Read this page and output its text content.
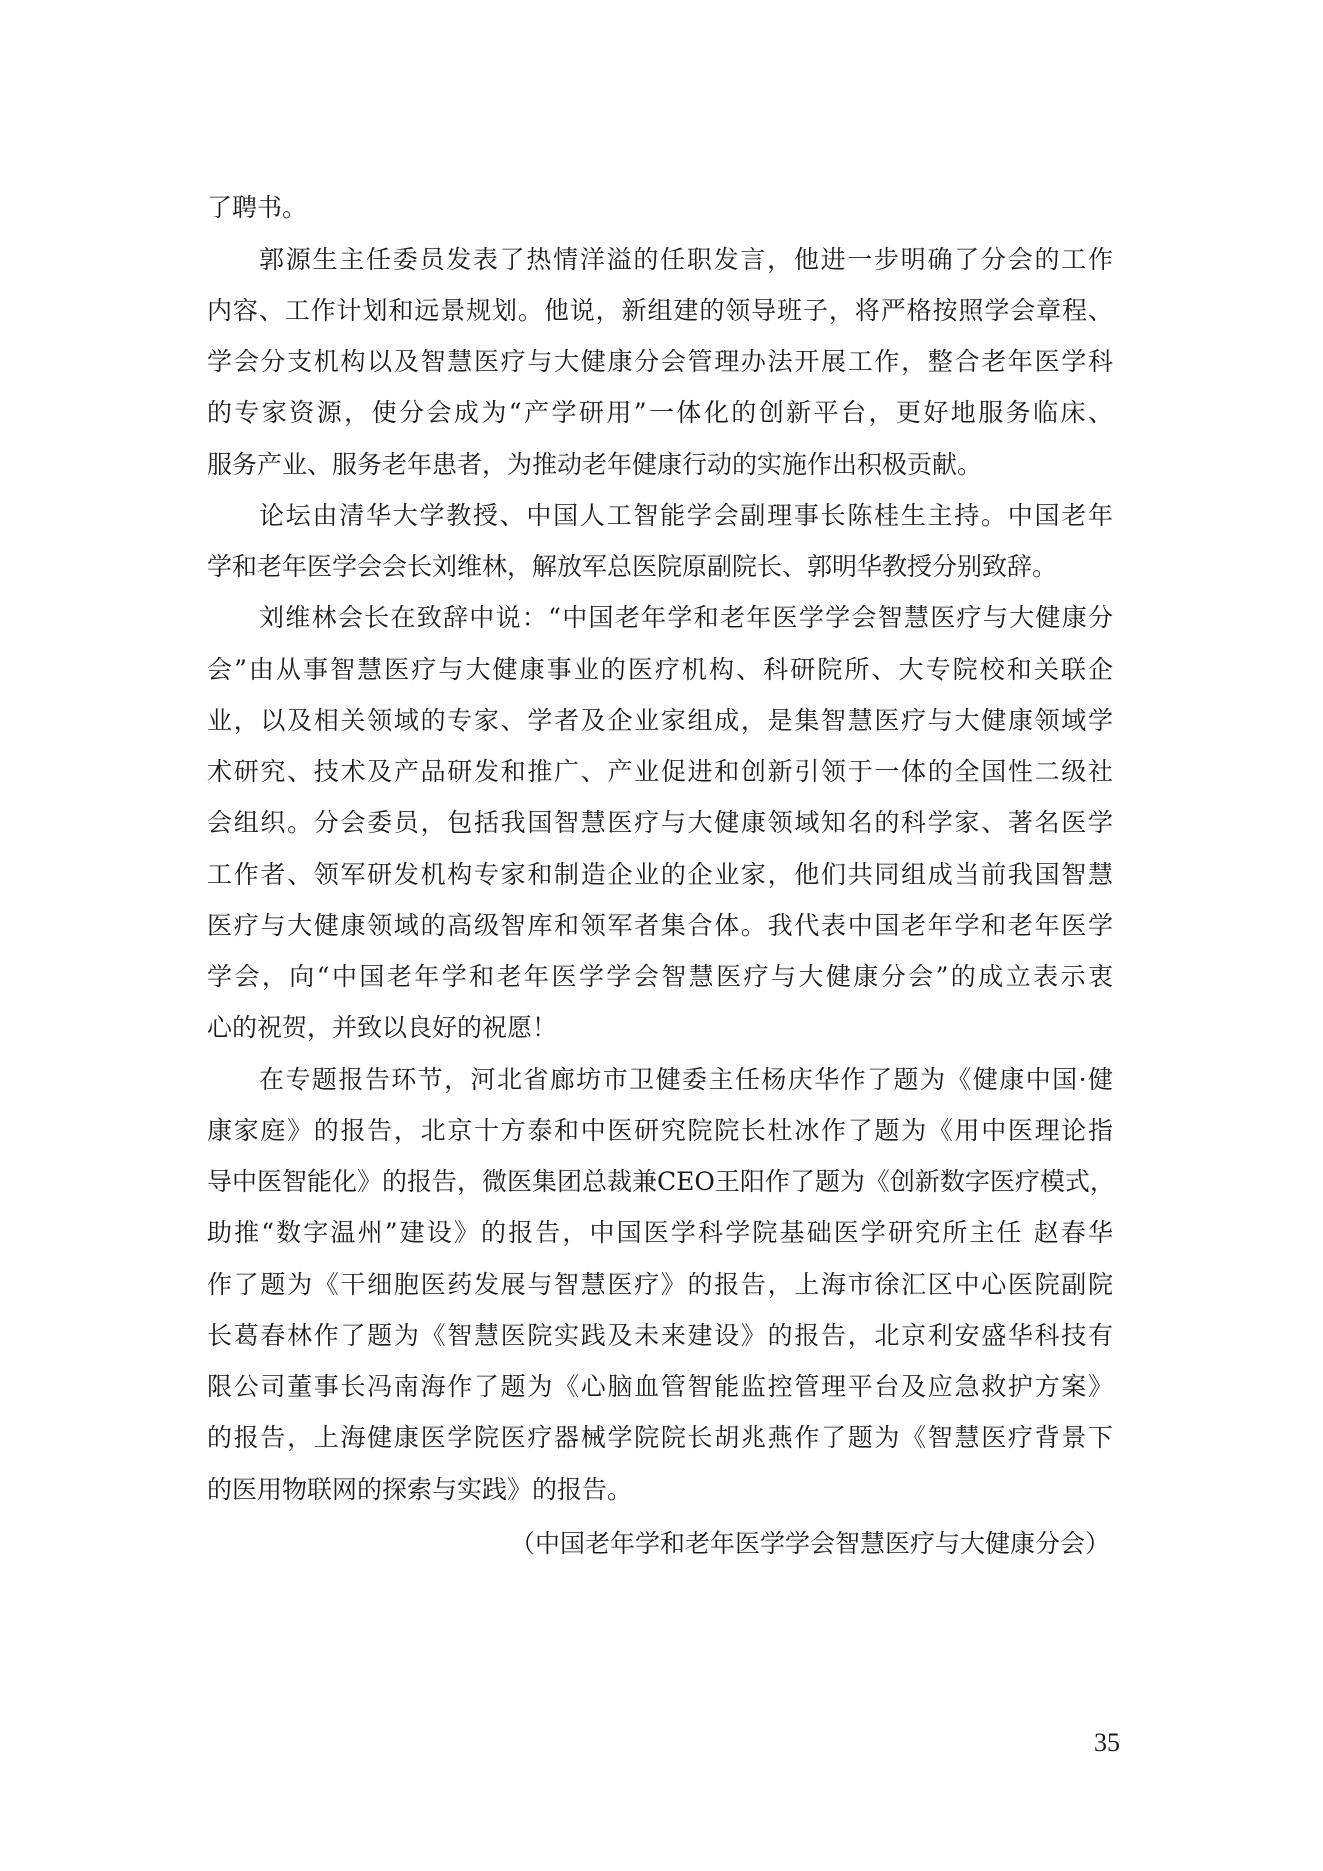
了聘书。
郭源生主任委员发表了热情洋溢的任职发言，他进一步明确了分会的工作
内容、工作计划和远景规划。他说，新组建的领导班子，将严格按照学会章程、
学会分支机构以及智慧医疗与大健康分会管理办法开展工作，整合老年医学科
的专家资源，使分会成为“产学研用”一体化的创新平台，更好地服务临床、
服务产业、服务老年患者，为推动老年健康行动的实施作出积极贡献。
论坛由清华大学教授、中国人工智能学会副理事长陈桂生主持。中国老年
学和老年医学会会长刘维林，解放军总医院原副院长、郭明华教授分别致辞。
刘维林会长在致辞中说：“中国老年学和老年医学学会智慧医疗与大健康分
会”由从事智慧医疗与大健康事业的医疗机构、科研院所、大专院校和关联企
业，以及相关领域的专家、学者及企业家组成，是集智慧医疗与大健康领域学
术研究、技术及产品研发和推广、产业促进和创新引领于一体的全国性二级社
会组织。分会委员，包括我国智慧医疗与大健康领域知名的科学家、著名医学
工作者、领军研发机构专家和制造企业的企业家，他们共同组成当前我国智慧
医疗与大健康领域的高级智库和领军者集合体。我代表中国老年学和老年医学
学会，向“中国老年学和老年医学学会智慧医疗与大健康分会”的成立表示衷
心的祝贺，并致以良好的祝愿！
在专题报告环节，河北省廊坊市卫健委主任杨庆华作了题为《健康中国·健
康家庭》的报告，北京十方泰和中医研究院院长杜冰作了题为《用中医理论指
导中医智能化》的报告，微医集团总裁兼CEO王阳作了题为《创新数字医疗模式，
助推“数字温州”建设》的报告，中国医学科学院基础医学研究所主任 赵春华
作了题为《干细胞医药发展与智慧医疗》的报告，上海市徐汇区中心医院副院
长葛春林作了题为《智慧医院实践及未来建设》的报告，北京利安盛华科技有
限公司董事长冯南海作了题为《心脑血管智能监控管理平台及应急救护方案》
的报告，上海健康医学院医疗器械学院院长胡兆燕作了题为《智慧医疗背景下
的医用物联网的探索与实践》的报告。
（中国老年学和老年医学学会智慧医疗与大健康分会）
35
